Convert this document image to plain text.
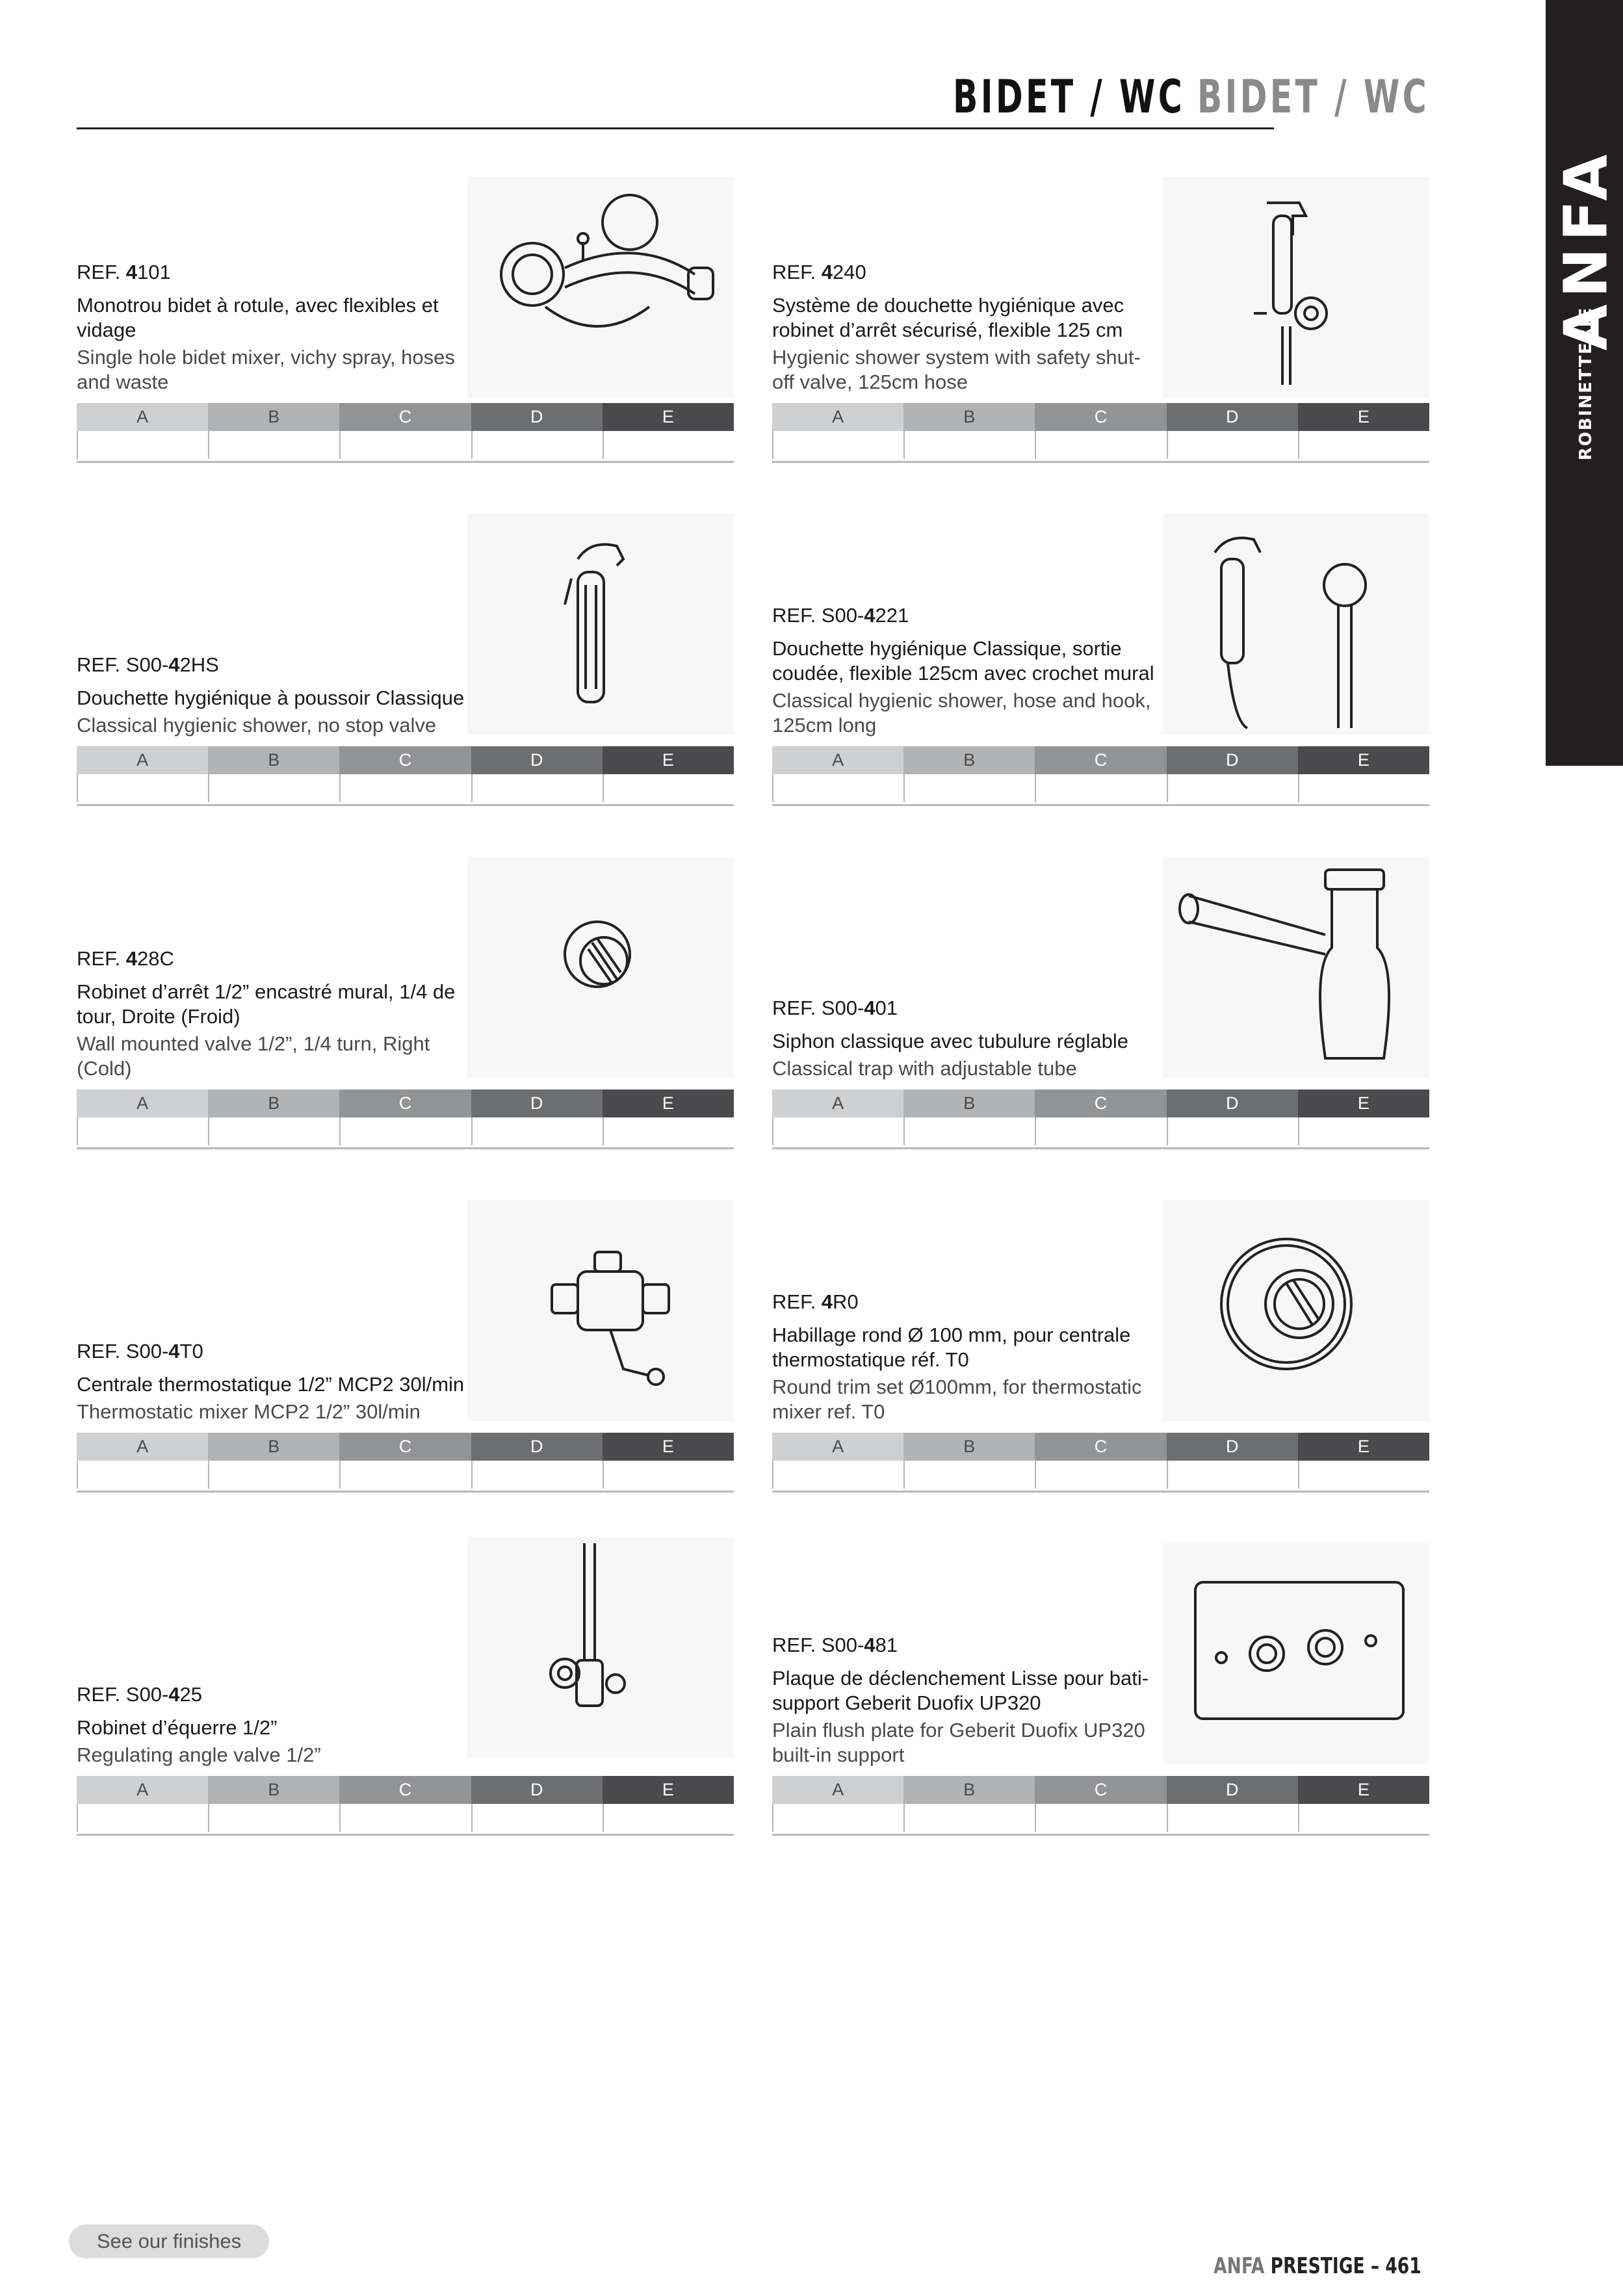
BIDET / WC BIDET / WC
ANFA
ROBINETTERIE

REF. 4101

Monotrou bidet à rotule, avec flexibles et vidage

Single hole bidet mixer, vichy spray, hoses and waste

A	B	C	D	E

REF. 4240

Système de douchette hygiénique avec robinet d’arrêt sécurisé, flexible 125 cm

Hygienic shower system with safety shut-off valve, 125cm hose

A	B	C	D	E

REF. S00-42HS

Douchette hygiénique à poussoir Classique

Classical hygienic shower, no stop valve

A	B	C	D	E

REF. S00-4221

Douchette hygiénique Classique, sortie coudée, flexible 125cm avec crochet mural

Classical hygienic shower, hose and hook, 125cm long

A	B	C	D	E

REF. 428C

Robinet d’arrêt 1/2” encastré mural, 1/4 de tour, Droite (Froid)

Wall mounted valve 1/2”, 1/4 turn, Right (Cold)

A	B	C	D	E

REF. S00-401

Siphon classique avec tubulure réglable

Classical trap with adjustable tube

A	B	C	D	E

REF. S00-4T0

Centrale thermostatique 1/2” MCP2 30l/min

Thermostatic mixer MCP2 1/2” 30l/min

A	B	C	D	E

REF. 4R0

Habillage rond Ø 100 mm, pour centrale thermostatique réf. T0

Round trim set Ø100mm, for thermostatic mixer ref. T0

A	B	C	D	E

REF. S00-425

Robinet d’équerre 1/2”

Regulating angle valve 1/2”

A	B	C	D	E

REF. S00-481

Plaque de déclenchement Lisse pour bati-support Geberit Duofix UP320

Plain flush plate for Geberit Duofix UP320 built-in support

A	B	C	D	E
See our finishes
ANFA PRESTIGE – 461
